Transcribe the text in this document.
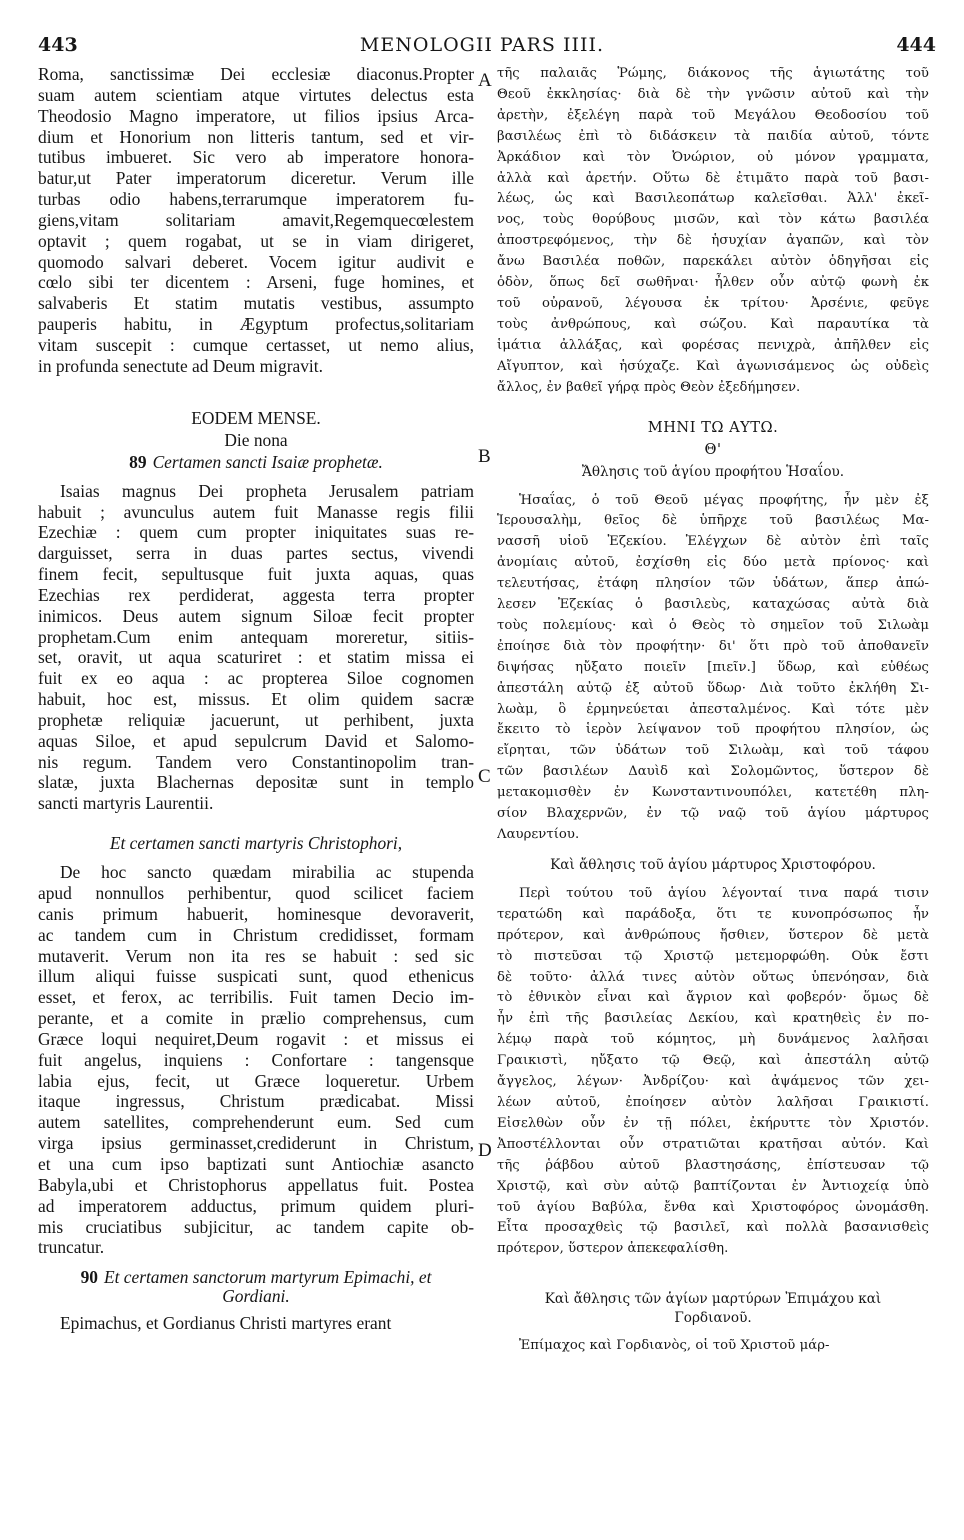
443	MENOLOGII PARS IIII.	444
A
B
C
D
Roma, sanctissimæ Dei ecclesiæ diaconus.Propter
suam autem scientiam atque virtutes delectus esta
Theodosio Magno imperatore, ut filios ipsius Arca-
dium et Honorium non litteris tantum, sed et vir-
tutibus imbueret. Sic vero ab imperatore honora-
batur,ut Pater imperatorum diceretur. Verum ille
turbas odio habens,terrarumque imperatorem fu-
giens,vitam solitariam amavit,Regemquecœlestem
optavit ; quem rogabat, ut se in viam dirigeret,
quomodo salvari deberet. Vocem igitur audivit e
cœlo sibi ter dicentem : Arseni, fuge homines, et
salvaberis Et statim mutatis vestibus, assumpto
pauperis habitu, in Ægyptum profectus,solitariam
vitam suscepit : cumque certasset, ut nemo alius,
in profunda senectute ad Deum migravit.
EODEM MENSE.
Die nona
89 Certamen sancti Isaiæ prophetæ.
Isaias magnus Dei propheta Jerusalem patriam
habuit ; avunculus autem fuit Manasse regis filii
Ezechiæ : quem cum propter iniquitates suas re-
darguisset, serra in duas partes sectus, vivendi
finem fecit, sepultusque fuit juxta aquas, quas
Ezechias rex perdiderat, aggesta terra propter
inimicos. Deus autem signum Siloæ fecit propter
prophetam.Cum enim antequam moreretur, sitiis-
set, oravit, ut aqua scaturiret : et statim missa ei
fuit ex eo aqua : ac propterea Siloe cognomen
habuit, hoc est, missus. Et olim quidem sacræ
prophetæ reliquiæ jacuerunt, ut perhibent, juxta
aquas Siloe, et apud sepulcrum David et Salomo-
nis regum. Tandem vero Constantinopolim tran-
slatæ, juxta Blachernas depositæ sunt in templo
sancti martyris Laurentii.
Et certamen sancti martyris Christophori,
De hoc sancto quædam mirabilia ac stupenda
apud nonnullos perhibentur, quod scilicet faciem
canis primum habuerit, hominesque devoraverit,
ac tandem cum in Christum credidisset, formam
mutaverit. Verum non ita res se habuit : sed sic
illum aliqui fuisse suspicati sunt, quod ethenicus
esset, et ferox, ac terribilis. Fuit tamen Decio im-
perante, et a comite in prælio comprehensus, cum
Græce loqui nequiret,Deum rogavit : et missus ei
fuit angelus, inquiens : Confortare : tangensque
labia ejus, fecit, ut Græce loqueretur. Urbem
itaque ingressus, Christum prædicabat. Missi
autem satellites, comprehenderunt eum. Sed cum
virga ipsius germinasset,crediderunt in Christum,
et una cum ipso baptizati sunt Antiochiæ asancto
Babyla,ubi et Christophorus appellatus fuit. Postea
ad imperatorem adductus, primum quidem pluri-
mis cruciatibus subjicitur, ac tandem capite ob-
truncatur.
90 Et certamen sanctorum martyrum Epimachi, et
Gordiani.
Epimachus, et Gordianus Christi martyres erant
τῆς παλαιᾶς Ῥώμης, διάκονος τῆς ἁγιωτάτης τοῦ
Θεοῦ ἐκκλησίας· διὰ δὲ τὴν γνῶσιν αὐτοῦ καὶ τὴν
ἀρετὴν, ἐξελέγη παρὰ τοῦ Μεγάλου Θεοδοσίου τοῦ
βασιλέως ἐπὶ τὸ διδάσκειν τὰ παιδία αὐτοῦ, τόντε
Ἀρκάδιον καὶ τὸν Ὀνώριον, οὐ μόνον γραμματα,
ἀλλὰ καὶ ἀρετήν. Οὕτω δὲ ἐτιμᾶτο παρὰ τοῦ βασι-
λέως, ὡς καὶ Βασιλεοπάτωρ καλεῖσθαι. Ἀλλ' ἐκεῖ-
νος, τοὺς θορύβους μισῶν, καὶ τὸν κάτω βασιλέα
ἀποστρεφόμενος, τὴν δὲ ἡσυχίαν ἀγαπῶν, καὶ τὸν
ἄνω Βασιλέα ποθῶν, παρεκάλει αὐτὸν ὁδηγῆσαι εἰς
ὁδὸν, ὅπως δεῖ σωθῆναι· ἦλθεν οὖν αὐτῷ φωνὴ ἐκ
τοῦ οὐρανοῦ, λέγουσα ἐκ τρίτου· Ἀρσένιε, φεῦγε
τοὺς ἀνθρώπους, καὶ σώζου. Καὶ παραυτίκα τὰ
ἱμάτια ἀλλάξας, καὶ φορέσας πενιχρὰ, ἀπῆλθεν εἰς
Αἴγυπτον, καὶ ἡσύχαζε. Καὶ ἀγωνισάμενος ὡς οὐδεὶς
ἄλλος, ἐν βαθεῖ γήρᾳ πρὸς Θεὸν ἐξεδήμησεν.
ΜΗΝΙ ΤΩ ΑΥΤΩ.
Θ'
Ἄθλησις τοῦ ἁγίου προφήτου Ἡσαΐου.
Ἡσαΐας, ὁ τοῦ Θεοῦ μέγας προφήτης, ἦν μὲν ἐξ
Ἱερουσαλὴμ, θεῖος δὲ ὑπῆρχε τοῦ βασιλέως Μα-
νασσῆ υἱοῦ Ἐζεκίου. Ἐλέγχων δὲ αὐτὸν ἐπὶ ταῖς
ἀνομίαις αὐτοῦ, ἐσχίσθη εἰς δύο μετὰ πρίονος· καὶ
τελευτήσας, ἐτάφη πλησίον τῶν ὑδάτων, ἅπερ ἀπώ-
λεσεν Ἐζεκίας ὁ βασιλεὺς, καταχώσας αὐτὰ διὰ
τοὺς πολεμίους· καὶ ὁ Θεὸς τὸ σημεῖον τοῦ Σιλωὰμ
ἐποίησε διὰ τὸν προφήτην· δι' ὅτι πρὸ τοῦ ἀποθανεῖν
διψήσας ηὔξατο ποιεῖν [πιεῖν.] ὕδωρ, καὶ εὐθέως
ἀπεστάλη αὐτῷ ἐξ αὐτοῦ ὕδωρ· Διὰ τοῦτο ἐκλήθη Σι-
λωὰμ, ὃ ἑρμηνεύεται ἀπεσταλμένος. Καὶ τότε μὲν
ἔκειτο τὸ ἱερὸν λείψανον τοῦ προφήτου πλησίον, ὡς
εἴρηται, τῶν ὑδάτων τοῦ Σιλωὰμ, καὶ τοῦ τάφου
τῶν βασιλέων Δαυὶδ καὶ Σολομῶντος, ὕστερον δὲ
μετακομισθὲν ἐν Κωνσταντινουπόλει, κατετέθη πλη-
σίον Βλαχερνῶν, ἐν τῷ ναῷ τοῦ ἁγίου μάρτυρος
Λαυρεντίου.
Καὶ ἄθλησις τοῦ ἁγίου μάρτυρος Χριστοφόρου.
Περὶ τούτου τοῦ ἁγίου λέγονταί τινα παρά τισιν
τερατώδη καὶ παράδοξα, ὅτι τε κυνοπρόσωπος ἦν
πρότερον, καὶ ἀνθρώπους ἤσθιεν, ὕστερον δὲ μετὰ
τὸ πιστεῦσαι τῷ Χριστῷ μετεμορφώθη. Οὐκ ἔστι
δὲ τοῦτο· ἀλλά τινες αὐτὸν οὕτως ὑπενόησαν, διὰ
τὸ ἐθνικὸν εἶναι καὶ ἄγριον καὶ φοβερόν· ὅμως δὲ
ἦν ἐπὶ τῆς βασιλείας Δεκίου, καὶ κρατηθεὶς ἐν πο-
λέμῳ παρὰ τοῦ κόμητος, μὴ δυνάμενος λαλῆσαι
Γραικιστὶ, ηὔξατο τῷ Θεῷ, καὶ ἀπεστάλη αὐτῷ
ἄγγελος, λέγων· Ἀνδρίζου· καὶ ἀψάμενος τῶν χει-
λέων αὐτοῦ, ἐποίησεν αὐτὸν λαλῆσαι Γραικιστί.
Εἰσελθὼν οὖν ἐν τῇ πόλει, ἐκήρυττε τὸν Χριστόν.
Ἀποστέλλονται οὖν στρατιῶται κρατῆσαι αὐτόν. Καὶ
τῆς ῥάβδου αὐτοῦ βλαστησάσης, ἐπίστευσαν τῷ
Χριστῷ, καὶ σὺν αὐτῷ βαπτίζονται ἐν Ἀντιοχείᾳ ὑπὸ
τοῦ ἁγίου Βαβύλα, ἔνθα καὶ Χριστοφόρος ὠνομάσθη.
Εἶτα προσαχθεὶς τῷ βασιλεῖ, καὶ πολλὰ βασανισθεὶς
πρότερον, ὕστερον ἀπεκεφαλίσθη.
Καὶ ἄθλησις τῶν ἁγίων μαρτύρων Ἐπιμάχου καὶ
Γορδιανοῦ.
Ἐπίμαχος καὶ Γορδιανὸς, οἱ τοῦ Χριστοῦ μάρ-
